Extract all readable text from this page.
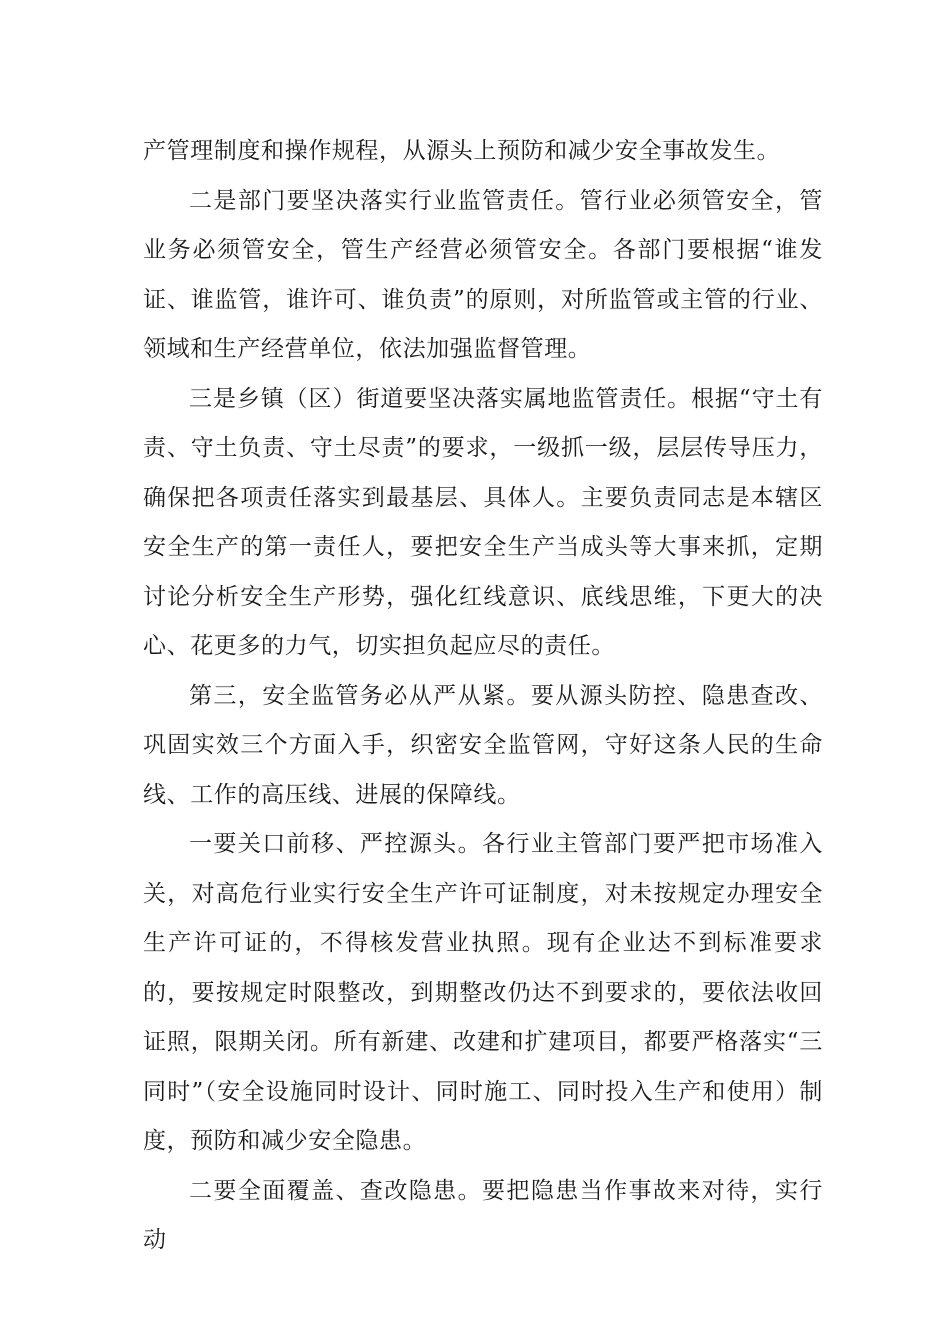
产管理制度和操作规程，从源头上预防和减少安全事故发生。

二是部门要坚决落实行业监管责任。管行业必须管安全，管业务必须管安全，管生产经营必须管安全。各部门要根据“谁发证、谁监管，谁许可、谁负责”的原则，对所监管或主管的行业、领域和生产经营单位，依法加强监督管理。

三是乡镇（区）街道要坚决落实属地监管责任。根据“守土有责、守土负责、守土尽责”的要求，一级抓一级，层层传导压力，确保把各项责任落实到最基层、具体人。主要负责同志是本辖区安全生产的第一责任人，要把安全生产当成头等大事来抓，定期讨论分析安全生产形势，强化红线意识、底线思维，下更大的决心、花更多的力气，切实担负起应尽的责任。

第三，安全监管务必从严从紧。要从源头防控、隐患查改、巩固实效三个方面入手，织密安全监管网，守好这条人民的生命线、工作的高压线、进展的保障线。

一要关口前移、严控源头。各行业主管部门要严把市场准入关，对高危行业实行安全生产许可证制度，对未按规定办理安全生产许可证的，不得核发营业执照。现有企业达不到标准要求的，要按规定时限整改，到期整改仍达不到要求的，要依法收回证照，限期关闭。所有新建、改建和扩建项目，都要严格落实“三同时”（安全设施同时设计、同时施工、同时投入生产和使用）制度，预防和减少安全隐患。

二要全面覆盖、查改隐患。要把隐患当作事故来对待，实行动
